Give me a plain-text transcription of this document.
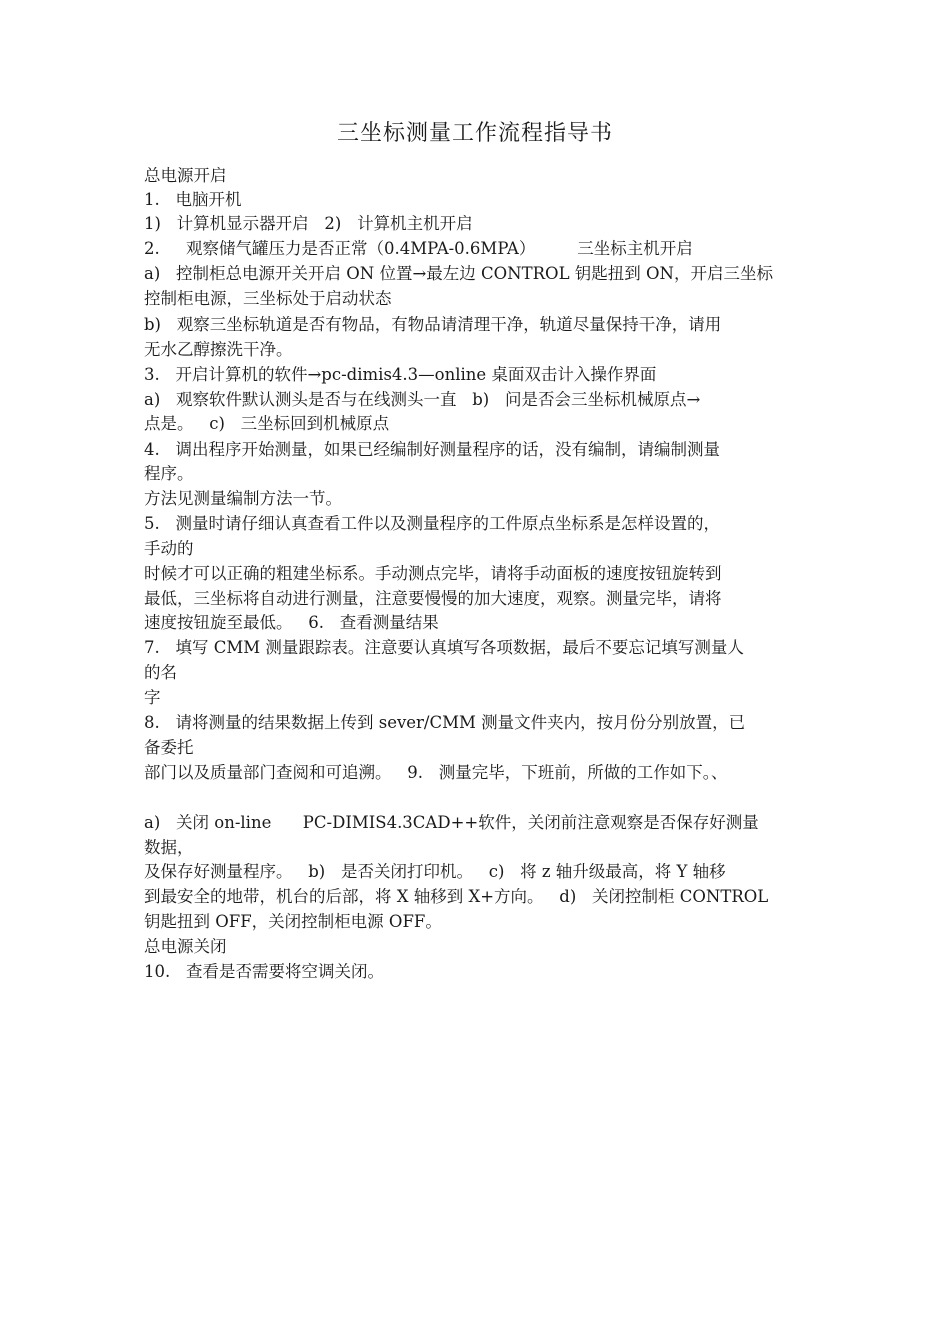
三坐标测量工作流程指导书
总电源开启
1.   电脑开机
1)   计算机显示器开启   2)   计算机主机开启
2.     观察储气罐压力是否正常（0.4MPA-0.6MPA）        三坐标主机开启
a)   控制柜总电源开关开启 ON 位置→最左边 CONTROL 钥匙扭到 ON，开启三坐标
控制柜电源，三坐标处于启动状态
b)   观察三坐标轨道是否有物品，有物品请清理干净，轨道尽量保持干净，请用
无水乙醇擦洗干净。
3.   开启计算机的软件→pc-dimis4.3—online 桌面双击计入操作界面
a)   观察软件默认测头是否与在线测头一直   b)   问是否会三坐标机械原点→
点是。   c)   三坐标回到机械原点
4.   调出程序开始测量，如果已经编制好测量程序的话，没有编制，请编制测量
程序。
方法见测量编制方法一节。
5.   测量时请仔细认真查看工件以及测量程序的工件原点坐标系是怎样设置的，
手动的
时候才可以正确的粗建坐标系。手动测点完毕，请将手动面板的速度按钮旋转到
最低，三坐标将自动进行测量，注意要慢慢的加大速度，观察。测量完毕，请将
速度按钮旋至最低。   6.   查看测量结果
7.   填写 CMM 测量跟踪表。注意要认真填写各项数据，最后不要忘记填写测量人
的名
字
8.   请将测量的结果数据上传到 sever/CMM 测量文件夹内，按月份分别放置，已
备委托
部门以及质量部门查阅和可追溯。   9.   测量完毕，下班前，所做的工作如下。、
a)   关闭 on-line      PC-DIMIS4.3CAD++软件，关闭前注意观察是否保存好测量
数据，
及保存好测量程序。   b)   是否关闭打印机。   c)   将 z 轴升级最高，将 Y 轴移
到最安全的地带，机台的后部，将 X 轴移到 X+方向。   d)   关闭控制柜 CONTROL
钥匙扭到 OFF，关闭控制柜电源 OFF。
总电源关闭
10.   查看是否需要将空调关闭。
